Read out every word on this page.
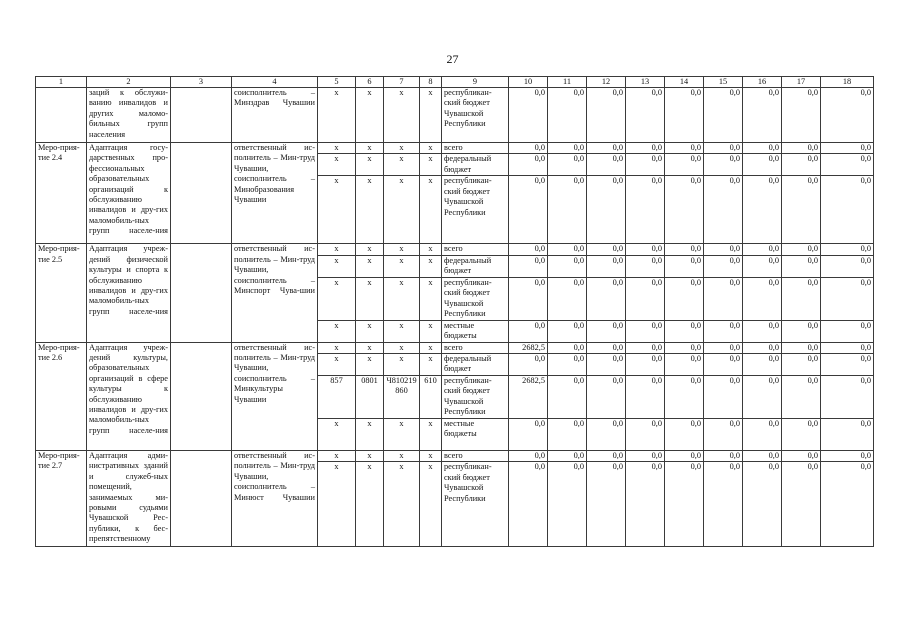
27
1	2	3	4	5	6	7	8	9	10	11	12	13	14	15	16	17	18
	заций к обслужи-ванию инвалидов и других маломо-бильных групп населения		соисполнитель – Минздрав Чувашии	x	x	x	x	республикан-ский бюджет Чувашской Республики	0,0	0,0	0,0	0,0	0,0	0,0	0,0	0,0	0,0
Меро-прия-тие 2.4	Адаптация госу-дарственных про-фессиональных образовательных организаций к обслуживанию инвалидов и дру-гих маломобиль-ных групп населе-ния		ответственный ис-полнитель – Мин-труд Чувашии, соисполнитель – Минобразования Чувашии	x	x	x	x	всего	0,0	0,0	0,0	0,0	0,0	0,0	0,0	0,0	0,0
				x	x	x	x	федеральный бюджет	0,0	0,0	0,0	0,0	0,0	0,0	0,0	0,0	0,0
				x	x	x	x	республикан-ский бюджет Чувашской Республики	0,0	0,0	0,0	0,0	0,0	0,0	0,0	0,0	0,0
Меро-прия-тие 2.5	Адаптация учреж-дений физической культуры и спорта к обслуживанию инвалидов и дру-гих маломобиль-ных групп населе-ния		ответственный ис-полнитель – Мин-труд Чувашии, соисполнитель – Минспорт Чува-шии	x	x	x	x	всего	0,0	0,0	0,0	0,0	0,0	0,0	0,0	0,0	0,0
				x	x	x	x	федеральный бюджет	0,0	0,0	0,0	0,0	0,0	0,0	0,0	0,0	0,0
				x	x	x	x	республикан-ский бюджет Чувашской Республики	0,0	0,0	0,0	0,0	0,0	0,0	0,0	0,0	0,0
				x	x	x	x	местные бюджеты	0,0	0,0	0,0	0,0	0,0	0,0	0,0	0,0	0,0
Меро-прия-тие 2.6	Адаптация учреж-дений культуры, образовательных организаций в сфере культуры к обслуживанию инвалидов и дру-гих маломобиль-ных групп населе-ния		ответственный ис-полнитель – Мин-труд Чувашии, соисполнитель – Минкультуры Чувашии	x	x	x	x	всего	2682,5	0,0	0,0	0,0	0,0	0,0	0,0	0,0	0,0
				x	x	x	x	федеральный бюджет	0,0	0,0	0,0	0,0	0,0	0,0	0,0	0,0	0,0
				857	0801	Ч810219 860	610	республикан-ский бюджет Чувашской Республики	2682,5	0,0	0,0	0,0	0,0	0,0	0,0	0,0	0,0
				x	x	x	x	местные бюджеты	0,0	0,0	0,0	0,0	0,0	0,0	0,0	0,0	0,0
Меро-прия-тие 2.7	Адаптация адми-нистративных зданий и служеб-ных помещений, занимаемых ми-ровыми судьями Чувашской Рес-публики, к бес-препятственному		ответственный ис-полнитель – Мин-труд Чувашии, соисполнитель – Минюст Чувашии	x	x	x	x	всего	0,0	0,0	0,0	0,0	0,0	0,0	0,0	0,0	0,0
				x	x	x	x	республикан-ский бюджет Чувашской Республики	0,0	0,0	0,0	0,0	0,0	0,0	0,0	0,0	0,0
